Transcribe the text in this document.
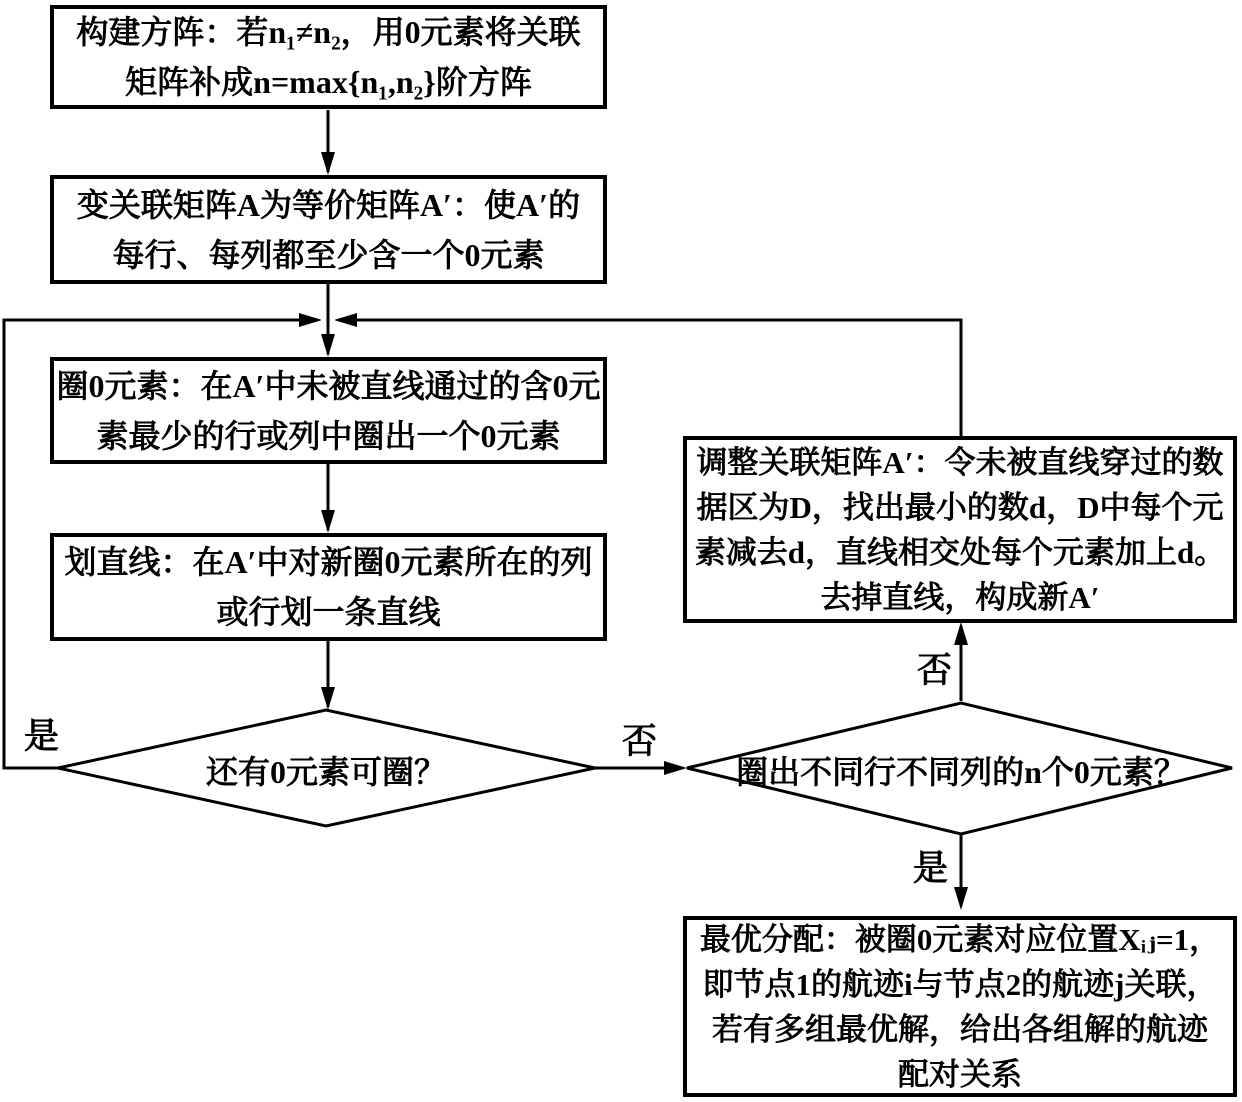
构建方阵：若n₁≠n₂，用0元素将关联
矩阵补成n=max{n₁,n₂}阶方阵
变关联矩阵A为等价矩阵A′：使A′的
每行、每列都至少含一个0元素
圈0元素：在A′中未被直线通过的含0元
素最少的行或列中圈出一个0元素
划直线：在A′中对新圈0元素所在的列
或行划一条直线
调整关联矩阵A′：令未被直线穿过的数
据区为D，找出最小的数d，D中每个元
素减去d，直线相交处每个元素加上d。
去掉直线，构成新A′
最优分配：被圈0元素对应位置Xᵢⱼ=1，
即节点1的航迹i与节点2的航迹j关联，
若有多组最优解，给出各组解的航迹
配对关系
还有0元素可圈？	圈出不同行不同列的n个0元素？
是	否
否
是
